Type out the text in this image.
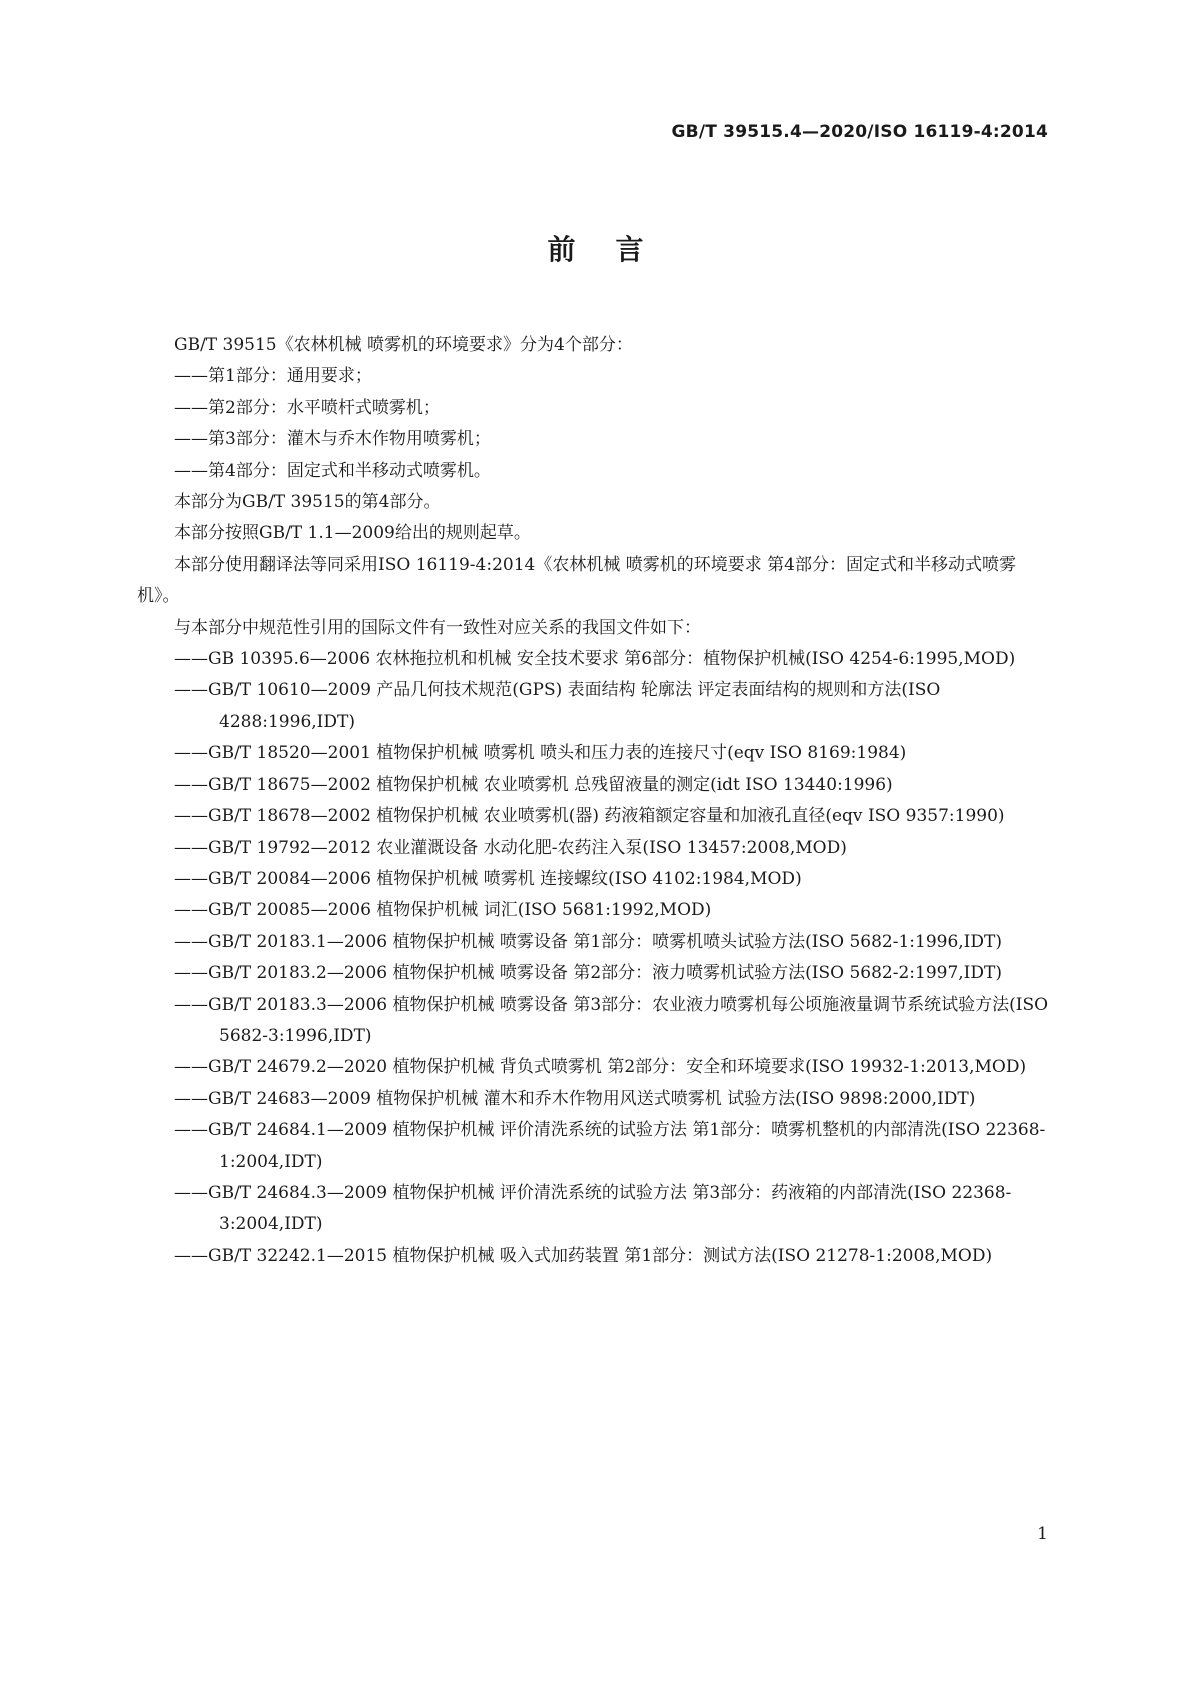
GB/T 39515.4—2020/ISO 16119-4:2014
前言

GB/T 39515《农林机械 喷雾机的环境要求》分为4个部分：

——第1部分：通用要求；

——第2部分：水平喷杆式喷雾机；

——第3部分：灌木与乔木作物用喷雾机；

——第4部分：固定式和半移动式喷雾机。

本部分为GB/T 39515的第4部分。

本部分按照GB/T 1.1—2009给出的规则起草。

本部分使用翻译法等同采用ISO 16119-4:2014《农林机械 喷雾机的环境要求 第4部分：固定式和半移动式喷雾机》。

与本部分中规范性引用的国际文件有一致性对应关系的我国文件如下：

——GB 10395.6—2006 农林拖拉机和机械 安全技术要求 第6部分：植物保护机械(ISO 4254-6:1995,MOD)

——GB/T 10610—2009 产品几何技术规范(GPS) 表面结构 轮廓法 评定表面结构的规则和方法(ISO 4288:1996,IDT)

——GB/T 18520—2001 植物保护机械 喷雾机 喷头和压力表的连接尺寸(eqv ISO 8169:1984)

——GB/T 18675—2002 植物保护机械 农业喷雾机 总残留液量的测定(idt ISO 13440:1996)

——GB/T 18678—2002 植物保护机械 农业喷雾机(器) 药液箱额定容量和加液孔直径(eqv ISO 9357:1990)

——GB/T 19792—2012 农业灌溉设备 水动化肥-农药注入泵(ISO 13457:2008,MOD)

——GB/T 20084—2006 植物保护机械 喷雾机 连接螺纹(ISO 4102:1984,MOD)

——GB/T 20085—2006 植物保护机械 词汇(ISO 5681:1992,MOD)

——GB/T 20183.1—2006 植物保护机械 喷雾设备 第1部分：喷雾机喷头试验方法(ISO 5682-1:1996,IDT)

——GB/T 20183.2—2006 植物保护机械 喷雾设备 第2部分：液力喷雾机试验方法(ISO 5682-2:1997,IDT)

——GB/T 20183.3—2006 植物保护机械 喷雾设备 第3部分：农业液力喷雾机每公顷施液量调节系统试验方法(ISO 5682-3:1996,IDT)

——GB/T 24679.2—2020 植物保护机械 背负式喷雾机 第2部分：安全和环境要求(ISO 19932-1:2013,MOD)

——GB/T 24683—2009 植物保护机械 灌木和乔木作物用风送式喷雾机 试验方法(ISO 9898:2000,IDT)

——GB/T 24684.1—2009 植物保护机械 评价清洗系统的试验方法 第1部分：喷雾机整机的内部清洗(ISO 22368-1:2004,IDT)

——GB/T 24684.3—2009 植物保护机械 评价清洗系统的试验方法 第3部分：药液箱的内部清洗(ISO 22368-3:2004,IDT)

——GB/T 32242.1—2015 植物保护机械 吸入式加药装置 第1部分：测试方法(ISO 21278-1:2008,MOD)

1
